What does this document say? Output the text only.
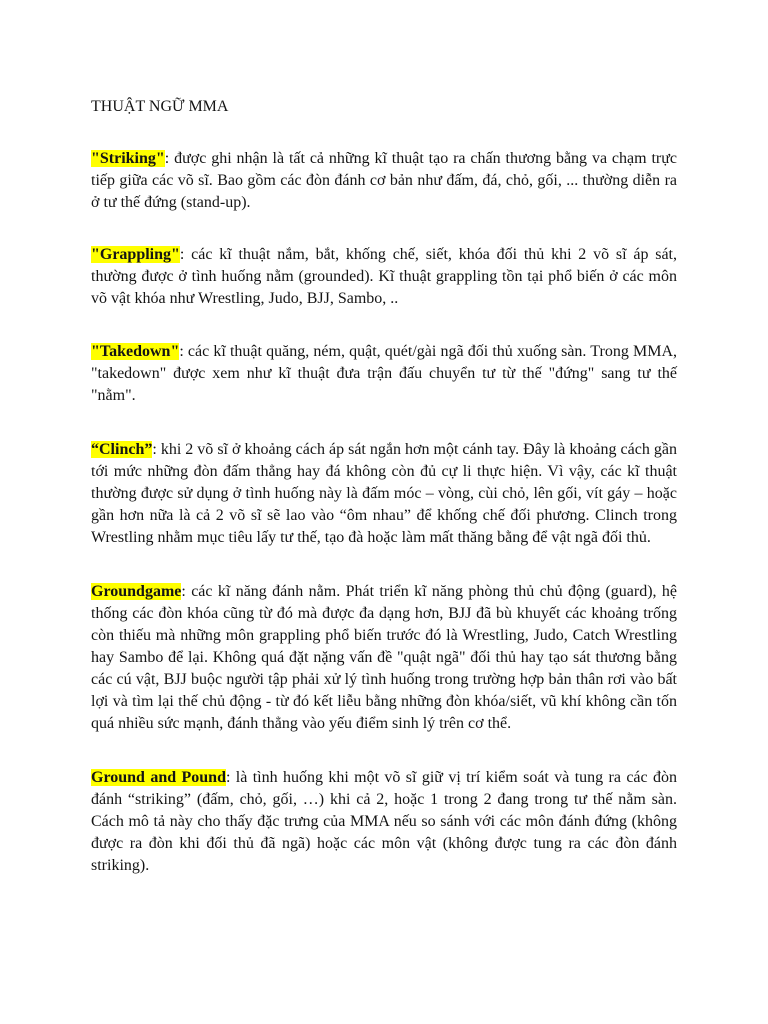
THUẬT NGỮ MMA

"Striking": được ghi nhận là tất cả những kĩ thuật tạo ra chấn thương bằng va chạm trực tiếp giữa các võ sĩ. Bao gồm các đòn đánh cơ bản như đấm, đá, chỏ, gối, ... thường diễn ra ở tư thế đứng (stand-up).

"Grappling": các kĩ thuật nắm, bắt, khống chế, siết, khóa đối thủ khi 2 võ sĩ áp sát, thường được ở tình huống nằm (grounded). Kĩ thuật grappling tồn tại phổ biến ở các môn võ vật khóa như Wrestling, Judo, BJJ, Sambo, ..

"Takedown": các kĩ thuật quăng, ném, quật, quét/gài ngã đối thủ xuống sàn. Trong MMA, "takedown" được xem như kĩ thuật đưa trận đấu chuyển tư từ thế "đứng" sang tư thế "nằm".

“Clinch”: khi 2 võ sĩ ở khoảng cách áp sát ngắn hơn một cánh tay. Đây là khoảng cách gần tới mức những đòn đấm thẳng hay đá không còn đủ cự li thực hiện. Vì vậy, các kĩ thuật thường được sử dụng ở tình huống này là đấm móc – vòng, cùi chỏ, lên gối, vít gáy – hoặc gần hơn nữa là cả 2 võ sĩ sẽ lao vào “ôm nhau” để khống chế đối phương. Clinch trong Wrestling nhằm mục tiêu lấy tư thế, tạo đà hoặc làm mất thăng bằng để vật ngã đối thủ.

Groundgame: các kĩ năng đánh nằm. Phát triển kĩ năng phòng thủ chủ động (guard), hệ thống các đòn khóa cũng từ đó mà được đa dạng hơn, BJJ đã bù khuyết các khoảng trống còn thiếu mà những môn grappling phổ biến trước đó là Wrestling, Judo, Catch Wrestling hay Sambo để lại. Không quá đặt nặng vấn đề "quật ngã" đối thủ hay tạo sát thương bằng các cú vật, BJJ buộc người tập phải xử lý tình huống trong trường hợp bản thân rơi vào bất lợi và tìm lại thế chủ động - từ đó kết liễu bằng những đòn khóa/siết, vũ khí không cần tốn quá nhiều sức mạnh, đánh thẳng vào yếu điểm sinh lý trên cơ thể.

Ground and Pound: là tình huống khi một võ sĩ giữ vị trí kiểm soát và tung ra các đòn đánh “striking” (đấm, chỏ, gối, …) khi cả 2, hoặc 1 trong 2 đang trong tư thế nằm sàn. Cách mô tả này cho thấy đặc trưng của MMA nếu so sánh với các môn đánh đứng (không được ra đòn khi đối thủ đã ngã) hoặc các môn vật (không được tung ra các đòn đánh striking).
